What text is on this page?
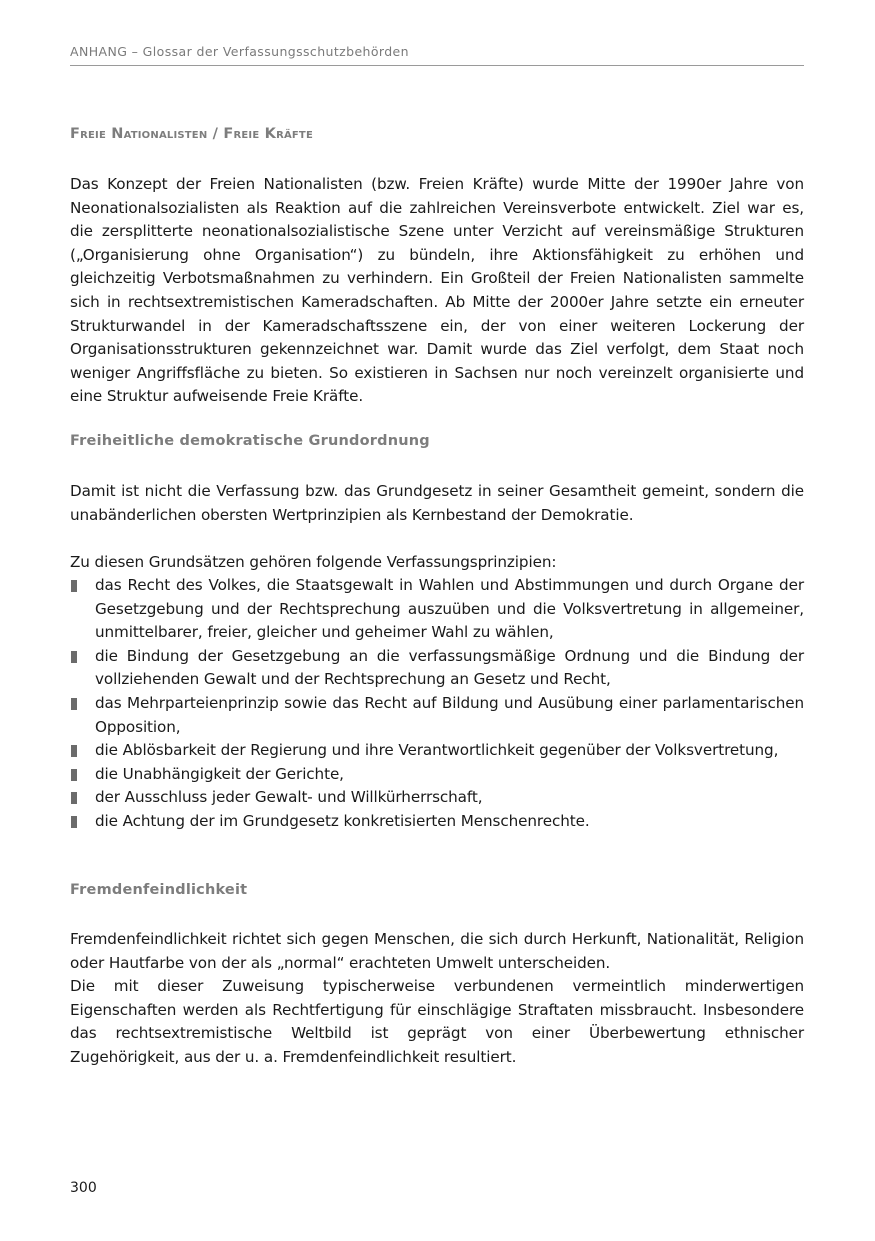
ANHANG – Glossar der Verfassungsschutzbehörden
Freie Nationalisten / Freie Kräfte
Das Konzept der Freien Nationalisten (bzw. Freien Kräfte) wurde Mitte der 1990er Jahre von Neonationalsozialisten als Reaktion auf die zahlreichen Vereinsverbote entwickelt. Ziel war es, die zersplitterte neonationalsozialistische Szene unter Verzicht auf vereinsmäßige Strukturen („Organisierung ohne Organisation“) zu bündeln, ihre Aktionsfähigkeit zu erhöhen und gleichzeitig Verbotsmaßnahmen zu verhindern. Ein Großteil der Freien Nationalisten sammelte sich in rechtsextremistischen Kameradschaften. Ab Mitte der 2000er Jahre setzte ein erneuter Strukturwandel in der Kameradschaftsszene ein, der von einer weiteren Lockerung der Organisationsstrukturen gekennzeichnet war. Damit wurde das Ziel verfolgt, dem Staat noch weniger Angriffsfläche zu bieten. So existieren in Sachsen nur noch vereinzelt organisierte und eine Struktur aufweisende Freie Kräfte.
Freiheitliche demokratische Grundordnung
Damit ist nicht die Verfassung bzw. das Grundgesetz in seiner Gesamtheit gemeint, sondern die unabänderlichen obersten Wertprinzipien als Kernbestand der Demokratie.
Zu diesen Grundsätzen gehören folgende Verfassungsprinzipien:
das Recht des Volkes, die Staatsgewalt in Wahlen und Abstimmungen und durch Organe der Gesetzgebung und der Rechtsprechung auszuüben und die Volksvertretung in allgemeiner, unmittelbarer, freier, gleicher und geheimer Wahl zu wählen,
die Bindung der Gesetzgebung an die verfassungsmäßige Ordnung und die Bindung der vollziehenden Gewalt und der Rechtsprechung an Gesetz und Recht,
das Mehrparteienprinzip sowie das Recht auf Bildung und Ausübung einer parlamentarischen Opposition,
die Ablösbarkeit der Regierung und ihre Verantwortlichkeit gegenüber der Volksvertretung,
die Unabhängigkeit der Gerichte,
der Ausschluss jeder Gewalt- und Willkürherrschaft,
die Achtung der im Grundgesetz konkretisierten Menschenrechte.
Fremdenfeindlichkeit
Fremdenfeindlichkeit richtet sich gegen Menschen, die sich durch Herkunft, Nationalität, Religion oder Hautfarbe von der als „normal“ erachteten Umwelt unterscheiden.
Die mit dieser Zuweisung typischerweise verbundenen vermeintlich minderwertigen Eigenschaften werden als Rechtfertigung für einschlägige Straftaten missbraucht. Insbesondere das rechtsextremistische Weltbild ist geprägt von einer Überbewertung ethnischer Zugehörigkeit, aus der u. a. Fremdenfeindlichkeit resultiert.
300
